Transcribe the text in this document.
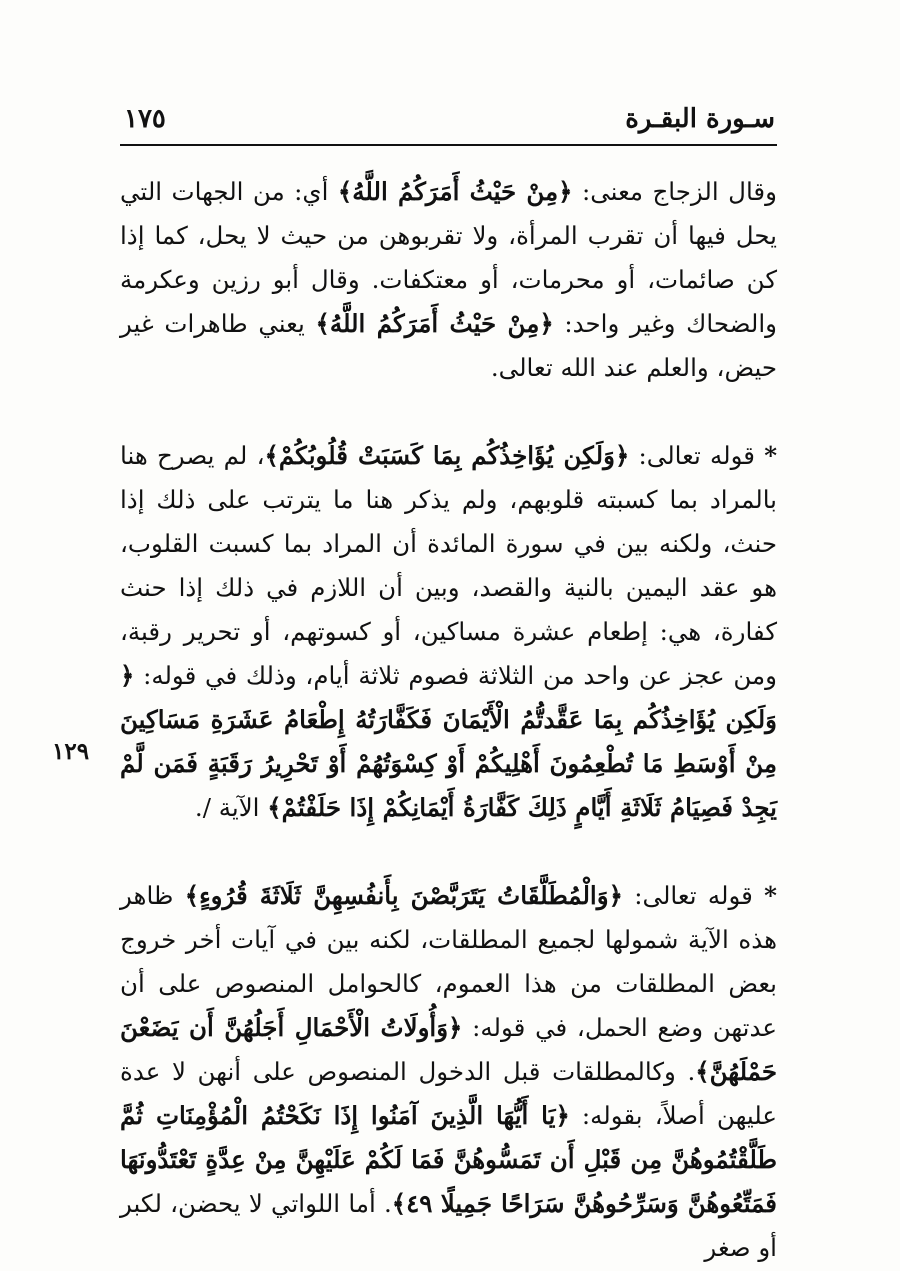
١٧٥	سـورة البقـرة
١٢٩

وقال الزجاج معنى: ﴿مِنْ حَيْثُ أَمَرَكُمُ اللَّهُ﴾ أي: من الجهات التي يحل فيها أن تقرب المرأة، ولا تقربوهن من حيث لا يحل، كما إذا كن صائمات، أو محرمات، أو معتكفات. وقال أبو رزين وعكرمة والضحاك وغير واحد: ﴿مِنْ حَيْثُ أَمَرَكُمُ اللَّهُ﴾ يعني طاهرات غير حيض، والعلم عند الله تعالى.

* قوله تعالى: ﴿وَلَكِن يُؤَاخِذُكُم بِمَا كَسَبَتْ قُلُوبُكُمْ﴾، لم يصرح هنا بالمراد بما كسبته قلوبهم، ولم يذكر هنا ما يترتب على ذلك إذا حنث، ولكنه بين في سورة المائدة أن المراد بما كسبت القلوب، هو عقد اليمين بالنية والقصد، وبين أن اللازم في ذلك إذا حنث كفارة، هي: إطعام عشرة مساكين، أو كسوتهم، أو تحرير رقبة، ومن عجز عن واحد من الثلاثة فصوم ثلاثة أيام، وذلك في قوله: ﴿ وَلَكِن يُؤَاخِذُكُم بِمَا عَقَّدتُّمُ الْأَيْمَانَ فَكَفَّارَتُهُ إِطْعَامُ عَشَرَةِ مَسَاكِينَ مِنْ أَوْسَطِ مَا تُطْعِمُونَ أَهْلِيكُمْ أَوْ كِسْوَتُهُمْ أَوْ تَحْرِيرُ رَقَبَةٍ فَمَن لَّمْ يَجِدْ فَصِيَامُ ثَلَاثَةِ أَيَّامٍ ذَلِكَ كَفَّارَةُ أَيْمَانِكُمْ إِذَا حَلَفْتُمْ﴾ الآية /.

* قوله تعالى: ﴿وَالْمُطَلَّقَاتُ يَتَرَبَّصْنَ بِأَنفُسِهِنَّ ثَلَاثَةَ قُرُوءٍ﴾ ظاهر هذه الآية شمولها لجميع المطلقات، لكنه بين في آيات أخر خروج بعض المطلقات من هذا العموم، كالحوامل المنصوص على أن عدتهن وضع الحمل، في قوله: ﴿وَأُولَاتُ الْأَحْمَالِ أَجَلُهُنَّ أَن يَضَعْنَ حَمْلَهُنَّ﴾. وكالمطلقات قبل الدخول المنصوص على أنهن لا عدة عليهن أصلاً، بقوله: ﴿يَا أَيُّهَا الَّذِينَ آمَنُوا إِذَا نَكَحْتُمُ الْمُؤْمِنَاتِ ثُمَّ طَلَّقْتُمُوهُنَّ مِن قَبْلِ أَن تَمَسُّوهُنَّ فَمَا لَكُمْ عَلَيْهِنَّ مِنْ عِدَّةٍ تَعْتَدُّونَهَا فَمَتِّعُوهُنَّ وَسَرِّحُوهُنَّ سَرَاحًا جَمِيلًا ٤٩﴾. أما اللواتي لا يحضن، لكبر أو صغر
